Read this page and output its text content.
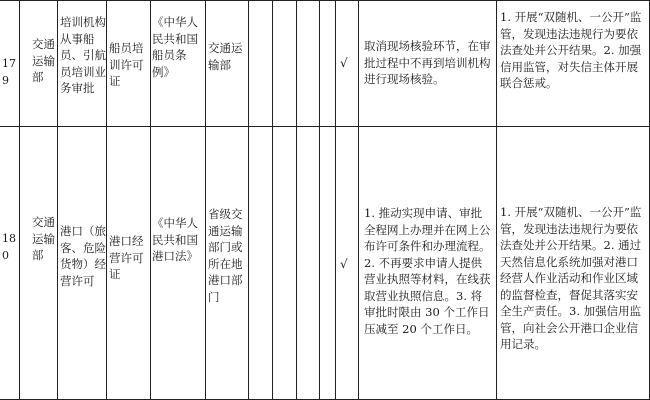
179
交通运输部
培训机构从事船员、引航员培训业务审批
船员培训许可证
《中华人民共和国船员条例》
交通运输部	√
取消现场核验环节，在审批过程中不再到培训机构进行现场核验。
1. 开展“双随机、一公开”监管，发现违法违规行为要依法查处并公开结果。2. 加强信用监管，对失信主体开展联合惩戒。
180
交通运输部
港口（旅客、危险货物）经营许可
港口经营许可证
《中华人民共和国港口法》
省级交通运输部门或所在地港口部门
√
1. 推动实现申请、审批全程网上办理并在网上公布许可条件和办理流程。2. 不再要求申请人提供营业执照等材料，在线获取营业执照信息。3. 将审批时限由 30 个工作日压减至 20 个工作日。
1. 开展“双随机、一公开”监管，发现违法违规行为要依法查处并公开结果。2. 通过天然信息化系统加强对港口经营人作业活动和作业区域的监督检查，督促其落实安全生产责任。3. 加强信用监管，向社会公开港口企业信用记录。
